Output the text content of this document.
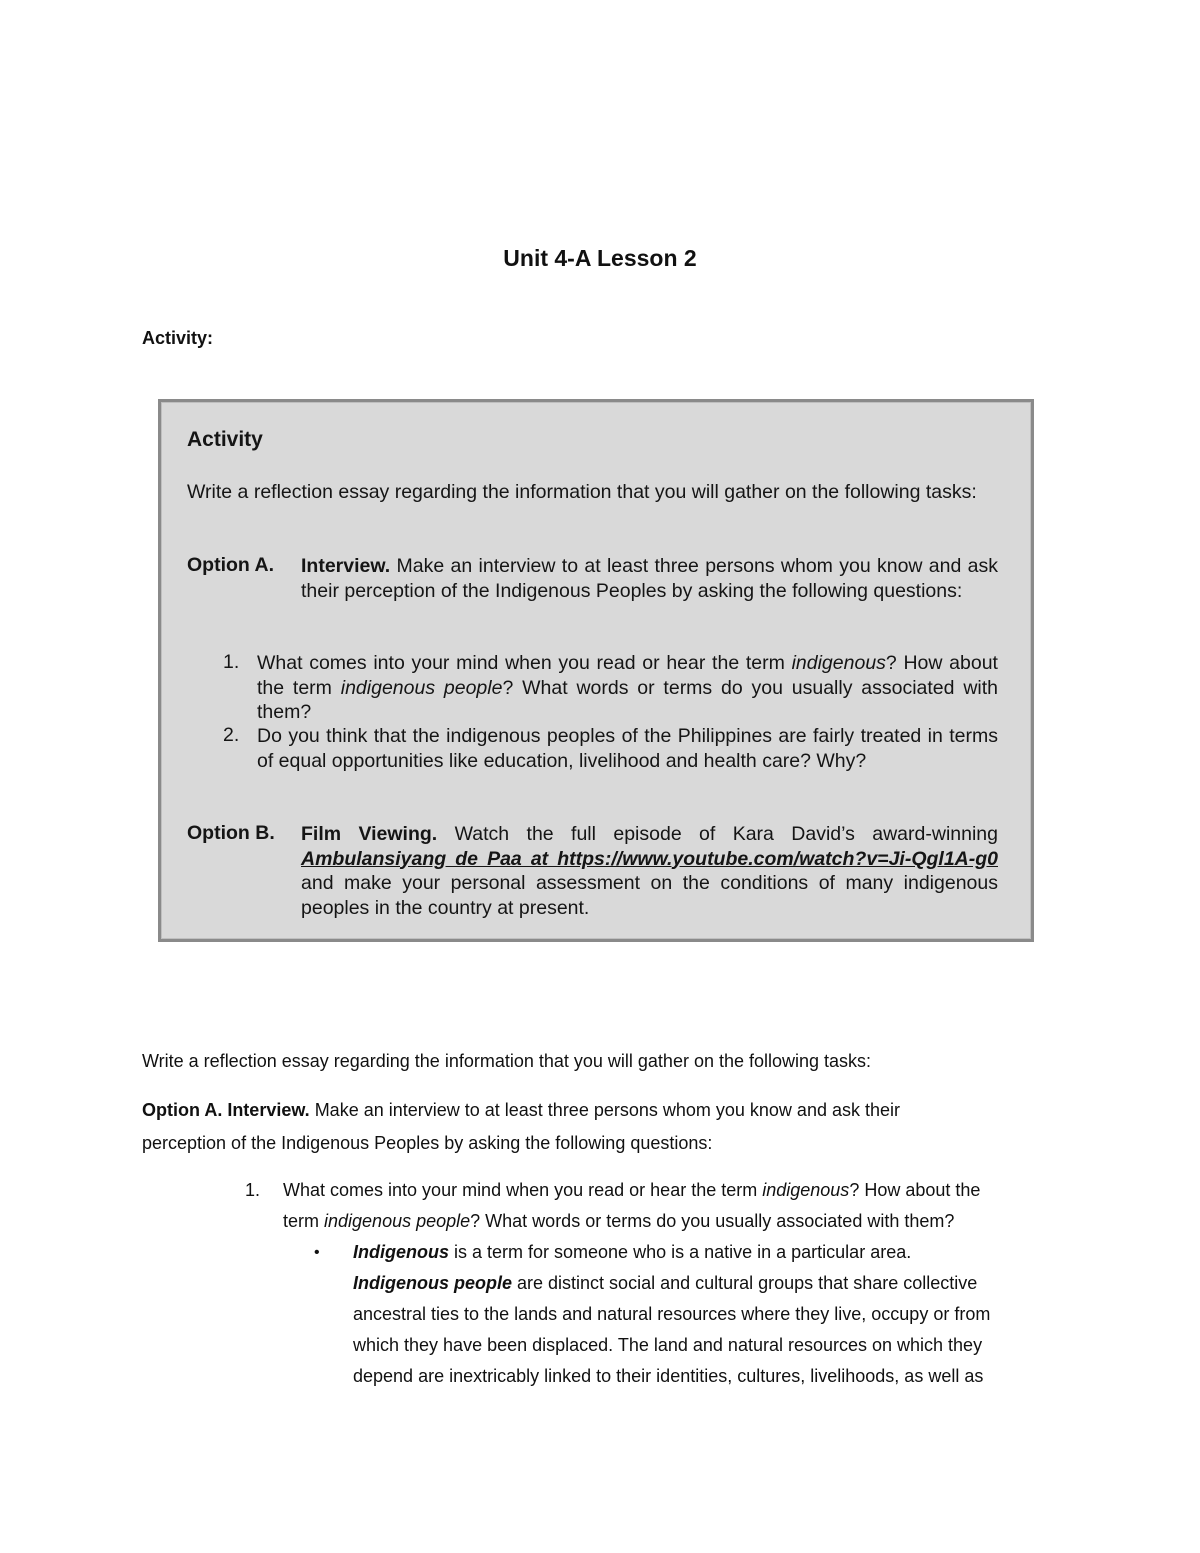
Unit 4-A Lesson 2
Activity:
Activity
Write a reflection essay regarding the information that you will gather on the following tasks:
Option A. Interview. Make an interview to at least three persons whom you know and ask their perception of the Indigenous Peoples by asking the following questions:
1. What comes into your mind when you read or hear the term indigenous? How about the term indigenous people? What words or terms do you usually associated with them?
2. Do you think that the indigenous peoples of the Philippines are fairly treated in terms of equal opportunities like education, livelihood and health care? Why?
Option B. Film Viewing. Watch the full episode of Kara David’s award-winning Ambulansiyang de Paa at https://www.youtube.com/watch?v=Ji-Qgl1A-g0 and make your personal assessment on the conditions of many indigenous peoples in the country at present.
Write a reflection essay regarding the information that you will gather on the following tasks:
Option A. Interview. Make an interview to at least three persons whom you know and ask their
perception of the Indigenous Peoples by asking the following questions:
1. What comes into your mind when you read or hear the term indigenous? How about the
term indigenous people? What words or terms do you usually associated with them?
• Indigenous is a term for someone who is a native in a particular area.
Indigenous people are distinct social and cultural groups that share collective
ancestral ties to the lands and natural resources where they live, occupy or from
which they have been displaced. The land and natural resources on which they
depend are inextricably linked to their identities, cultures, livelihoods, as well as
